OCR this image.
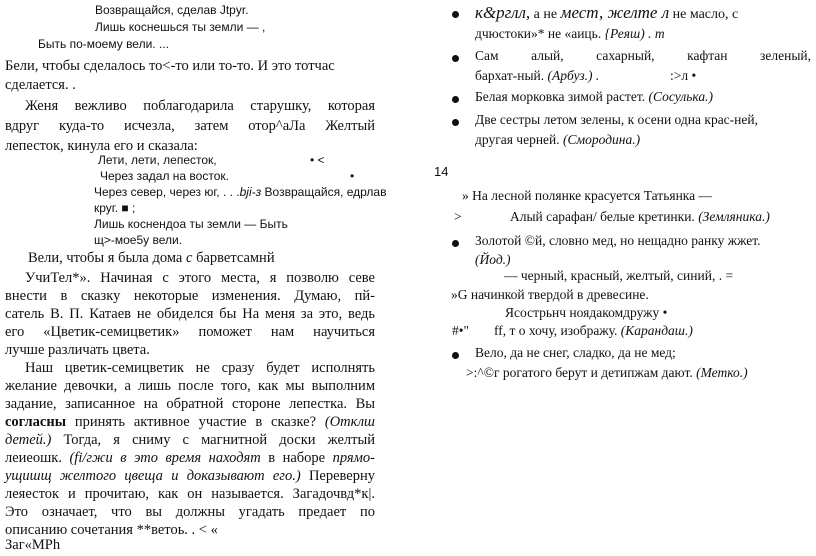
Возвращайся, сделав Jtpyr.
Лишь коснешься ты земли — ,
Быть по-моему вели. ...
Бели, чтобы сделалось то<-то или то-то. И это тотчас
сделается. .
Женя вежливо поблагодарила старушку, которая
вдруг куда-то исчезла, затем отор^аЛа Желтый
лепесток, кинула его и сказала:
Лети, лети, лепесток,	• <
Через задал на восток.	•
Через север, через юг, . . .bji-з Возвращайся, едрлав
круг. ■ ;
Лишь коснендоа ты земли — Быть
щ>-мое5у вели.
Вели, чтобы я была дома с барветсамнй
УчиТел*». Начиная с этого места, я позволю севе
внести в сказку некоторые изменения. Думаю, пй-
сатель В. П. Катаев не обиделся бы На меня за это, ведь
его «Цветик-семицветик» поможет нам научиться
лучше различать цвета.
Наш цветик-семицветик не сразу будет исполнять
желание девочки, а лишь после того, как мы выполним
задание, записанное на обратной стороне лепестка. Вы
согласны принять активное участие в сказке? (Отклш
детей.) Тогда, я сниму с магнитной доски желтый
леиеошк. (fi/гжи в это время находят в наборе прямо-
ущишщ желтого цвеща и доказывают его.) Переверну
леяесток и прочитаю, как он называется. Загадочвд*к|.
к&рглл, а не мест, желте л не масло, с
дчюстоки»* не «аиць. {Реяш) . т
Сам алый, сахарный, кафтан зеленый,
бархат-ный. (Арбуз.) .	:>л •
Белая морковка зимой растет. (Сосулька.)
Две сестры летом зелены, к осени одна крас-ней,
другая черней. (Смородина.)
14
» На лесной полянке красуется Татьянка —
>	Алый сарафан/ белые кретинки. (Земляника.)
Золотой ©й, словно мед, но нещадно ранку жжет.
(Йод.)
— черный, красный, желтый, синий, . =
»G начинкой твердой в древесине.
Ясострьнч ноядакомдружу •
#•" ff, т о хочу, изображу. (Карандаш.)
Вело, да не снег, сладко, да не мед;
>:^©г рогатого берут и детипжам дают. (Метко.)
Это означает, что вы должны угадать предает по
описанию сочетания **ветоь. . < «
Заг«МРh
